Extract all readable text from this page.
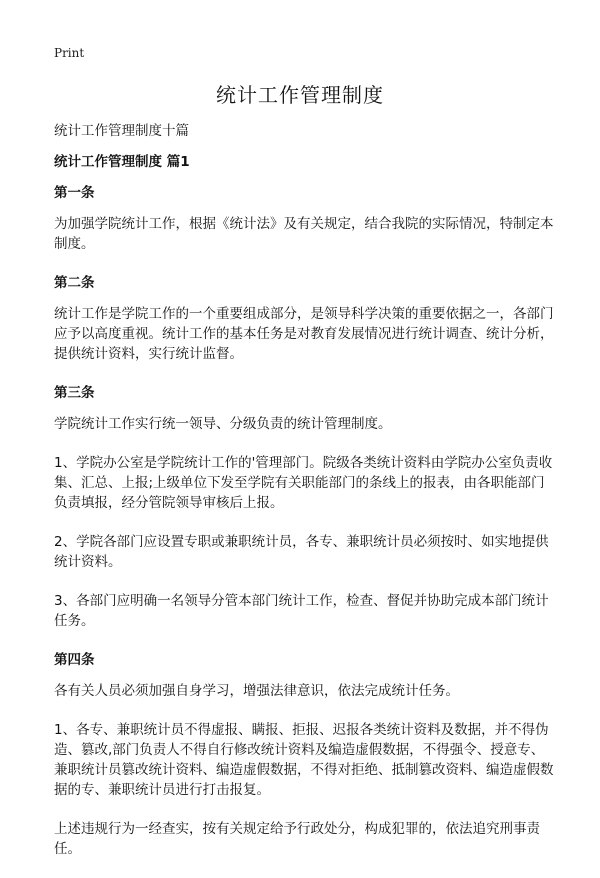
Print
统计工作管理制度

统计工作管理制度十篇

统计工作管理制度 篇1

第一条

为加强学院统计工作，根据《统计法》及有关规定，结合我院的实际情况，特制定本制度。

第二条

统计工作是学院工作的一个重要组成部分，是领导科学决策的重要依据之一，各部门应予以高度重视。统计工作的基本任务是对教育发展情况进行统计调查、统计分析，提供统计资料，实行统计监督。

第三条

学院统计工作实行统一领导、分级负责的统计管理制度。

1、学院办公室是学院统计工作的'管理部门。院级各类统计资料由学院办公室负责收集、汇总、上报;上级单位下发至学院有关职能部门的条线上的报表，由各职能部门负责填报，经分管院领导审核后上报。

2、学院各部门应设置专职或兼职统计员，各专、兼职统计员必须按时、如实地提供统计资料。

3、各部门应明确一名领导分管本部门统计工作，检查、督促并协助完成本部门统计任务。

第四条

各有关人员必须加强自身学习，增强法律意识，依法完成统计任务。

1、各专、兼职统计员不得虚报、瞒报、拒报、迟报各类统计资料及数据，并不得伪造、篡改,部门负责人不得自行修改统计资料及编造虚假数据，不得强令、授意专、兼职统计员篡改统计资料、编造虚假数据，不得对拒绝、抵制篡改资料、编造虚假数据的专、兼职统计员进行打击报复。

上述违规行为一经查实，按有关规定给予行政处分，构成犯罪的，依法追究刑事责任。
